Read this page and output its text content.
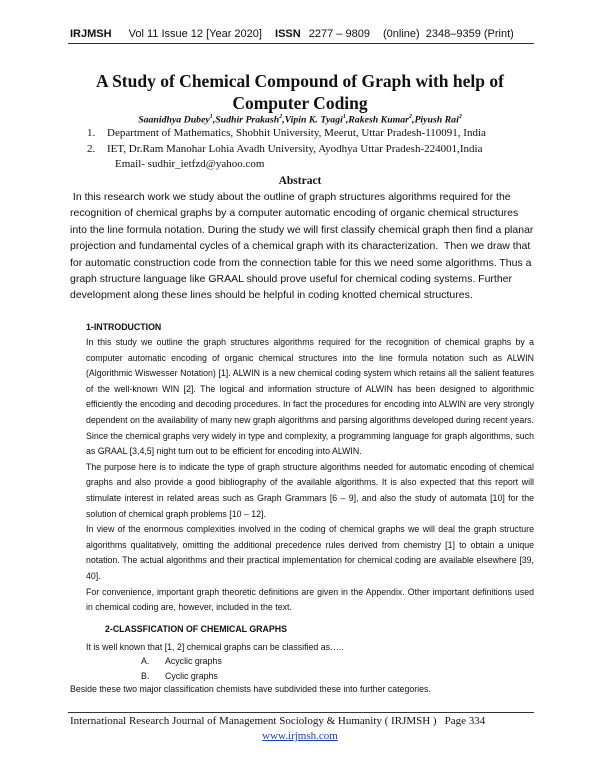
IRJMSH Vol 11 Issue 12 [Year 2020] ISSN 2277 – 9809 (0nline) 2348–9359 (Print)
A Study of Chemical Compound of Graph with help of Computer Coding
Saanidhya Dubey$^1$,Sudhir Prakash$^2$,Vipin K. Tyagi$^1$,Rakesh Kumar$^2$,Piyush Rai$^2$
1. Department of Mathematics, Shobhit University, Meerut, Uttar Pradesh-110091, India
2. IET, Dr.Ram Manohar Lohia Avadh University, Ayodhya Uttar Pradesh-224001,India
Email- sudhir_ietfzd@yahoo.com
Abstract

In this research work we study about the outline of graph structures algorithms required for the recognition of chemical graphs by a computer automatic encoding of organic chemical structures into the line formula notation. During the study we will first classify chemical graph then find a planar projection and fundamental cycles of a chemical graph with its characterization.  Then we draw that for automatic construction code from the connection table for this we need some algorithms. Thus a graph structure language like GRAAL should prove useful for chemical coding systems. Further development along these lines should be helpful in coding knotted chemical structures.

1-INTRODUCTION

In this study we outline the graph structures algorithms required for the recognition of chemical graphs by a computer automatic encoding of organic chemical structures into the line formula notation such as ALWIN (Algorithmic Wiswesser Notation) [1]. ALWIN is a new chemical coding system which retains all the salient features of the well-known WIN [2]. The logical and information structure of ALWIN has been designed to algorithmic efficiently the encoding and decoding procedures. In fact the procedures for encoding into ALWIN are very strongly dependent on the availability of many new graph algorithms and parsing algorithms developed during recent years. Since the chemical graphs very widely in type and complexity, a programming language for graph algorithms, such as GRAAL [3,4,5] night turn out to be efficient for encoding into ALWIN.

The purpose here is to indicate the type of graph structure algorithms needed for automatic encoding of chemical graphs and also provide a good bibliography of the available algorithms. It is also expected that this report will stimulate interest in related areas such as Graph Grammars [6 – 9], and also the study of automata [10] for the solution of chemical graph problems [10 – 12].

In view of the enormous complexities involved in the coding of chemical graphs we will deal the graph structure algorithms qualitatively, omitting the additional precedence rules derived from chemistry [1] to obtain a unique notation. The actual algorithms and their practical implementation for chemical coding are available elsewhere [39, 40].

For convenience, important graph theoretic definitions are given in the Appendix. Other important definitions used in chemical coding are, however, included in the text.

2-CLASSFICATION OF CHEMICAL GRAPHS
It is well known that [1, 2] chemical graphs can be classified as…..
A. Acyclic graphs
B. Cyclic graphs
Beside these two major classification chemists have subdivided these into further categories.
International Research Journal of Management Sociology & Humanity ( IRJMSH ) Page 334
www.irjmsh.com
